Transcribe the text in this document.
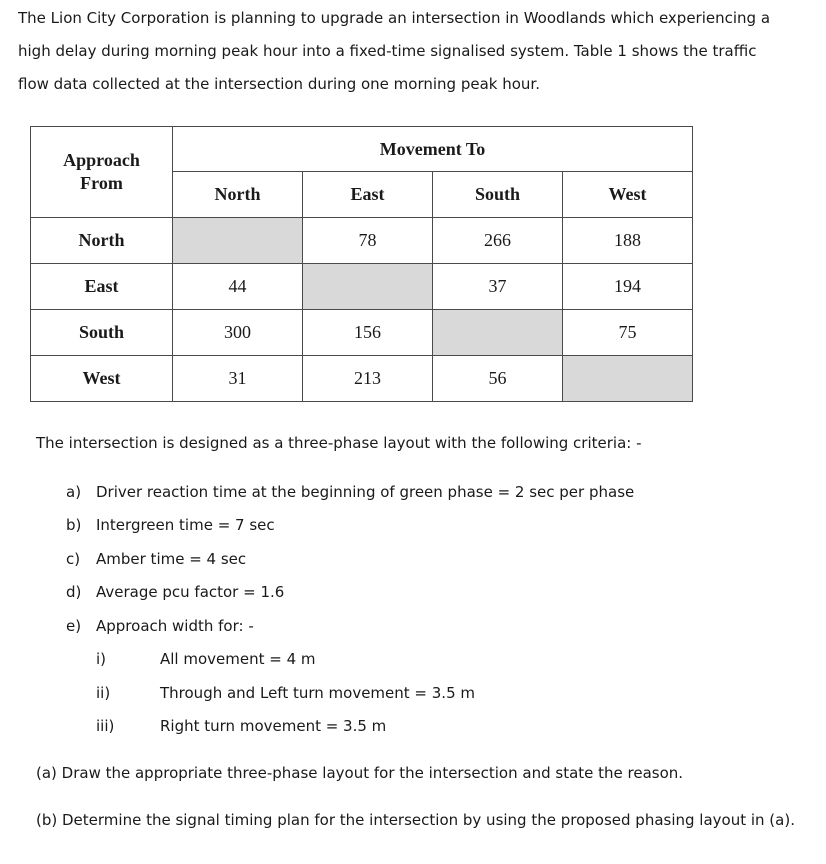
The Lion City Corporation is planning to upgrade an intersection in Woodlands which experiencing a

high delay during morning peak hour into a fixed-time signalised system. Table 1 shows the traffic

flow data collected at the intersection during one morning peak hour.

Approach
From	Movement To			
	North	East	South	West
North		78	266	188
East	44		37	194
South	300	156		75
West	31	213	56	
The intersection is designed as a three-phase layout with the following criteria: -
a) Driver reaction time at the beginning of green phase = 2 sec per phase
b) Intergreen time = 7 sec
c) Amber time = 4 sec
d) Average pcu factor = 1.6
e) Approach width for: -
i)	All movement = 4 m
ii)	Through and Left turn movement = 3.5 m
iii)	Right turn movement = 3.5 m
(a) Draw the appropriate three-phase layout for the intersection and state the reason.
(b) Determine the signal timing plan for the intersection by using the proposed phasing layout in (a).
